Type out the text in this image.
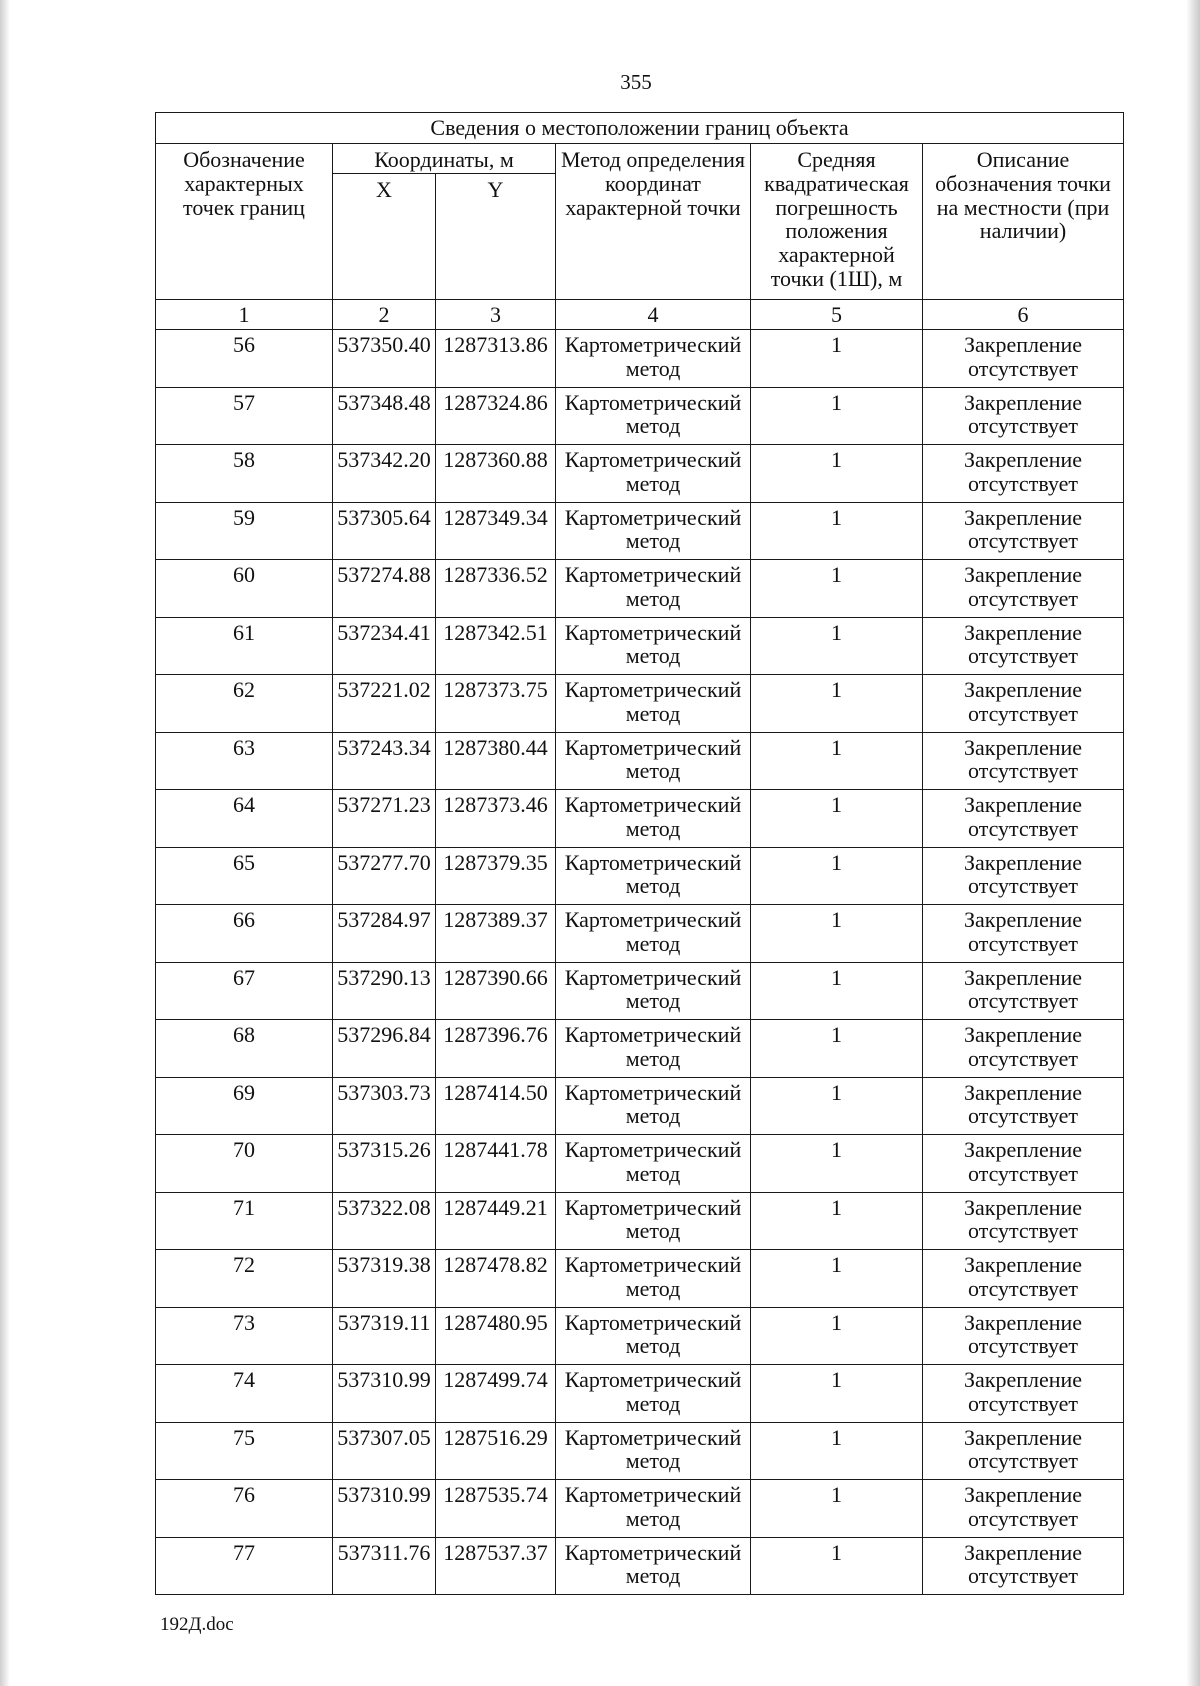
355
Сведения о местоположении границ объекта					
Обозначение характерных точек границ	Координаты, м		Метод определения координат характерной точки	Средняя квадратическая погрешность положения характерной точки (1Ш), м	Описание обозначения точки на местности (при наличии)
	X	Y			
1	2	3	4	5	6
56	537350.40	1287313.86	Картометрический метод	1	Закрепление отсутствует
57	537348.48	1287324.86	Картометрический метод	1	Закрепление отсутствует
58	537342.20	1287360.88	Картометрический метод	1	Закрепление отсутствует
59	537305.64	1287349.34	Картометрический метод	1	Закрепление отсутствует
60	537274.88	1287336.52	Картометрический метод	1	Закрепление отсутствует
61	537234.41	1287342.51	Картометрический метод	1	Закрепление отсутствует
62	537221.02	1287373.75	Картометрический метод	1	Закрепление отсутствует
63	537243.34	1287380.44	Картометрический метод	1	Закрепление отсутствует
64	537271.23	1287373.46	Картометрический метод	1	Закрепление отсутствует
65	537277.70	1287379.35	Картометрический метод	1	Закрепление отсутствует
66	537284.97	1287389.37	Картометрический метод	1	Закрепление отсутствует
67	537290.13	1287390.66	Картометрический метод	1	Закрепление отсутствует
68	537296.84	1287396.76	Картометрический метод	1	Закрепление отсутствует
69	537303.73	1287414.50	Картометрический метод	1	Закрепление отсутствует
70	537315.26	1287441.78	Картометрический метод	1	Закрепление отсутствует
71	537322.08	1287449.21	Картометрический метод	1	Закрепление отсутствует
72	537319.38	1287478.82	Картометрический метод	1	Закрепление отсутствует
73	537319.11	1287480.95	Картометрический метод	1	Закрепление отсутствует
74	537310.99	1287499.74	Картометрический метод	1	Закрепление отсутствует
75	537307.05	1287516.29	Картометрический метод	1	Закрепление отсутствует
76	537310.99	1287535.74	Картометрический метод	1	Закрепление отсутствует
77	537311.76	1287537.37	Картометрический метод	1	Закрепление отсутствует
192Д.doc
